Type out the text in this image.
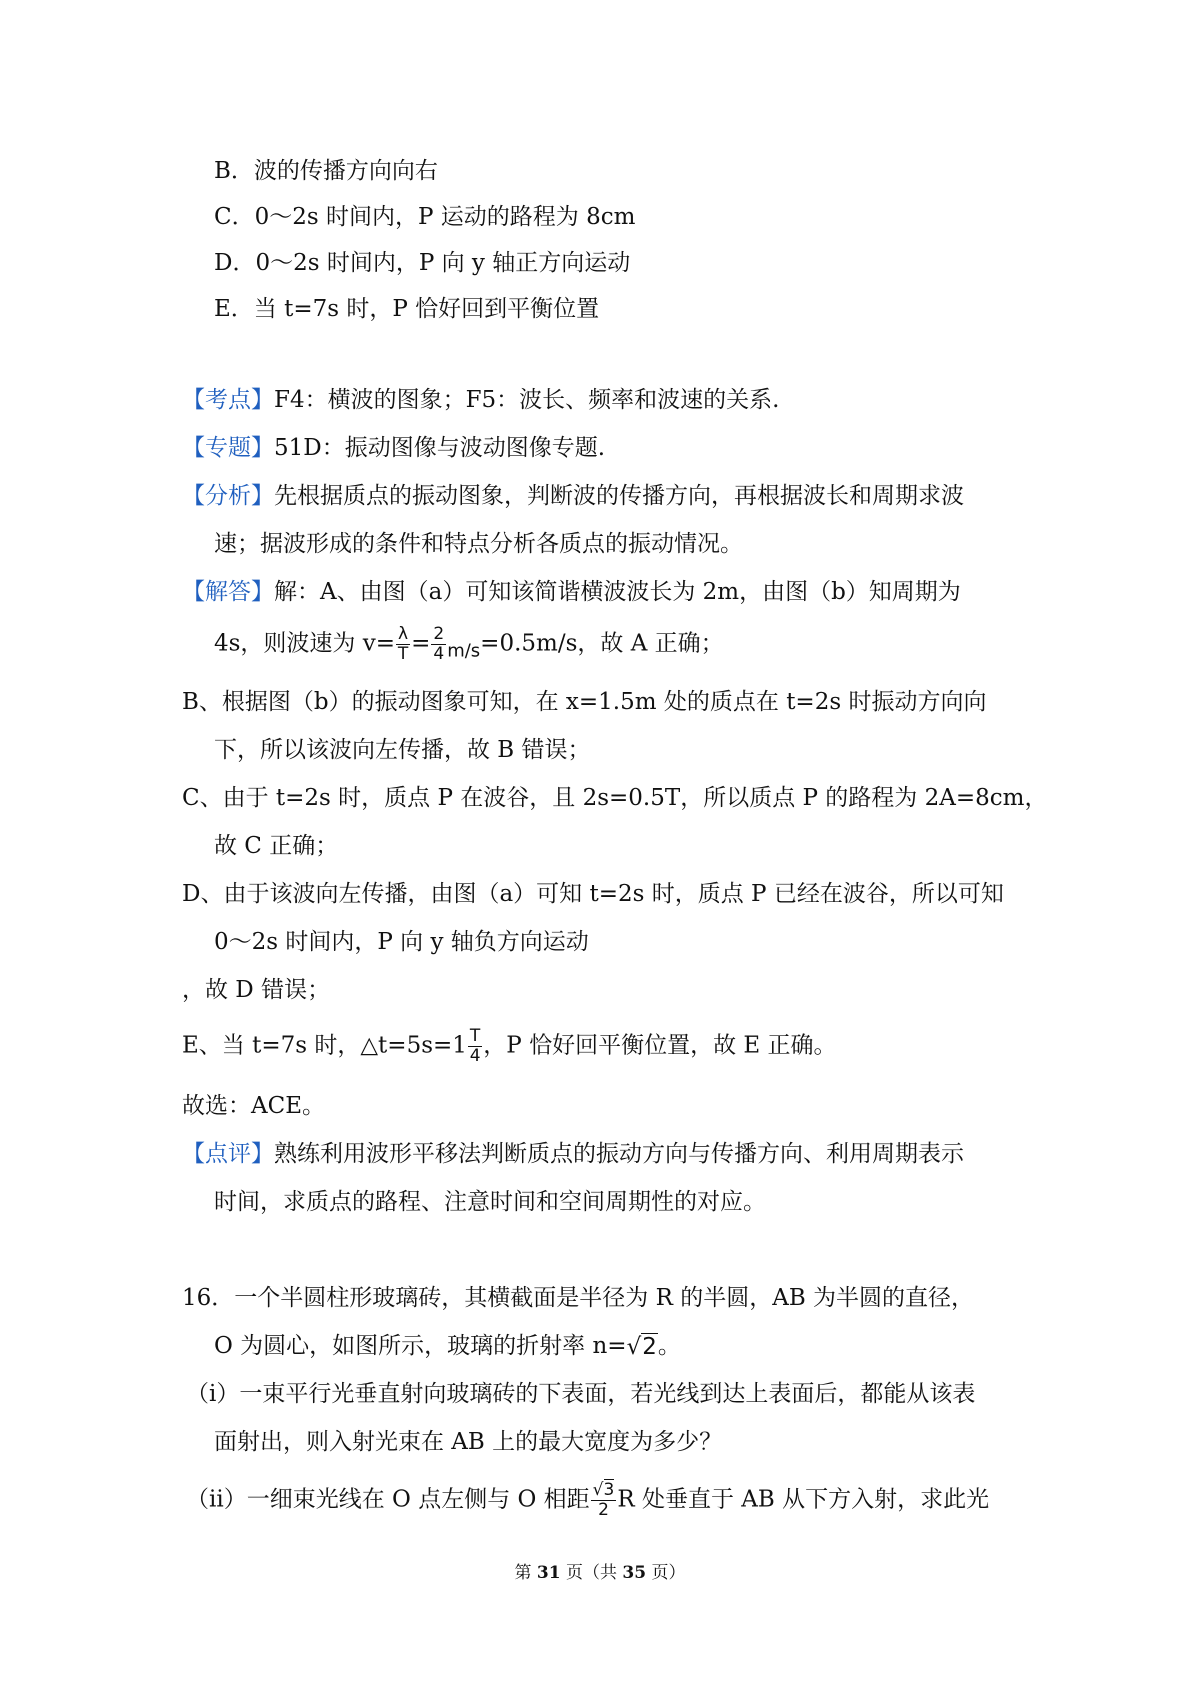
B．波的传播方向向右
C．0～2s 时间内，P 运动的路程为 8cm
D．0～2s 时间内，P 向 y 轴正方向运动
E．当 t=7s 时，P 恰好回到平衡位置
【考点】F4：横波的图象；F5：波长、频率和波速的关系.
【专题】51D：振动图像与波动图像专题.
【分析】先根据质点的振动图象，判断波的传播方向，再根据波长和周期求波
速；据波形成的条件和特点分析各质点的振动情况。
【解答】解：A、由图（a）可知该简谐横波波长为 2m，由图（b）知周期为
4s，则波速为 $v= \frac{\lambda}{T} = \frac{2}{4} _{m/s}=0.5m/s$，故 A 正确；
B、根据图（b）的振动图象可知，在 x=1.5m 处的质点在 t=2s 时振动方向向
下，所以该波向左传播，故 B 错误；
C、由于 t=2s 时，质点 P 在波谷，且 2s=0.5T，所以质点 P 的路程为 2A=8cm，
故 C 正确；
D、由于该波向左传播，由图（a）可知 t=2s 时，质点 P 已经在波谷，所以可知
0～2s 时间内，P 向 y 轴负方向运动
，故 D 错误；
E、当 t=7s 时，△t=5s=1 $\frac{T}{4}$ ，P 恰好回平衡位置，故 E 正确。
故选：ACE。
【点评】熟练利用波形平移法判断质点的振动方向与传播方向、利用周期表示
时间，求质点的路程、注意时间和空间周期性的对应。
16．一个半圆柱形玻璃砖，其横截面是半径为 R 的半圆，AB 为半圆的直径，
O 为圆心，如图所示，玻璃的折射率 n=√2。
（i）一束平行光垂直射向玻璃砖的下表面，若光线到达上表面后，都能从该表
面射出，则入射光束在 AB 上的最大宽度为多少？
（ii）一细束光线在 O 点左侧与 O 相距 $\frac{√3}{2}$ R 处垂直于 AB 从下方入射，求此光
第 31 页（共 35 页）
